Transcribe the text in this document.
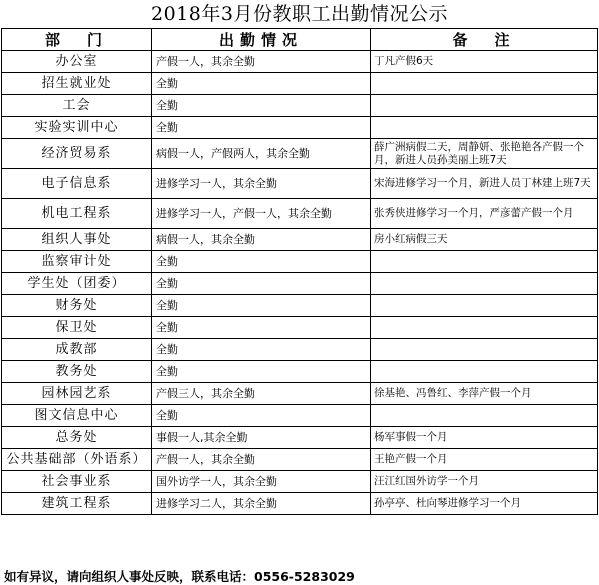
2018年3月份教职工出勤情况公示
部　门	出勤情况	备　注
办公室	产假一人，其余全勤	丁凡产假6天
招生就业处	全勤	
工会	全勤	
实验实训中心	全勤	
经济贸易系	病假一人，产假两人，其余全勤	薛广洲病假二天，周静妍、张艳艳各产假一个月，新进人员孙美丽上班7天
电子信息系	进修学习一人，其余全勤	宋海进修学习一个月，新进人员丁林建上班7天
机电工程系	进修学习一人，产假一人，其余全勤	张秀侠进修学习一个月，严彦蕾产假一个月
组织人事处	病假一人，其余全勤	房小红病假三天
监察审计处	全勤	
学生处（团委）	全勤	
财务处	全勤	
保卫处	全勤	
成教部	全勤	
教务处	全勤	
园林园艺系	产假三人，其余全勤	徐基艳、冯鲁红、李萍产假一个月
图文信息中心	全勤	
总务处	事假一人,其余全勤	杨军事假一个月
公共基础部（外语系）	产假一人，其余全勤	王艳产假一个月
社会事业系	国外访学一人，其余全勤	汪江红国外访学一个月
建筑工程系	进修学习二人，其余全勤	孙亭亭、杜向琴进修学习一个月
如有异议，请向组织人事处反映，联系电话：0556-5283029
